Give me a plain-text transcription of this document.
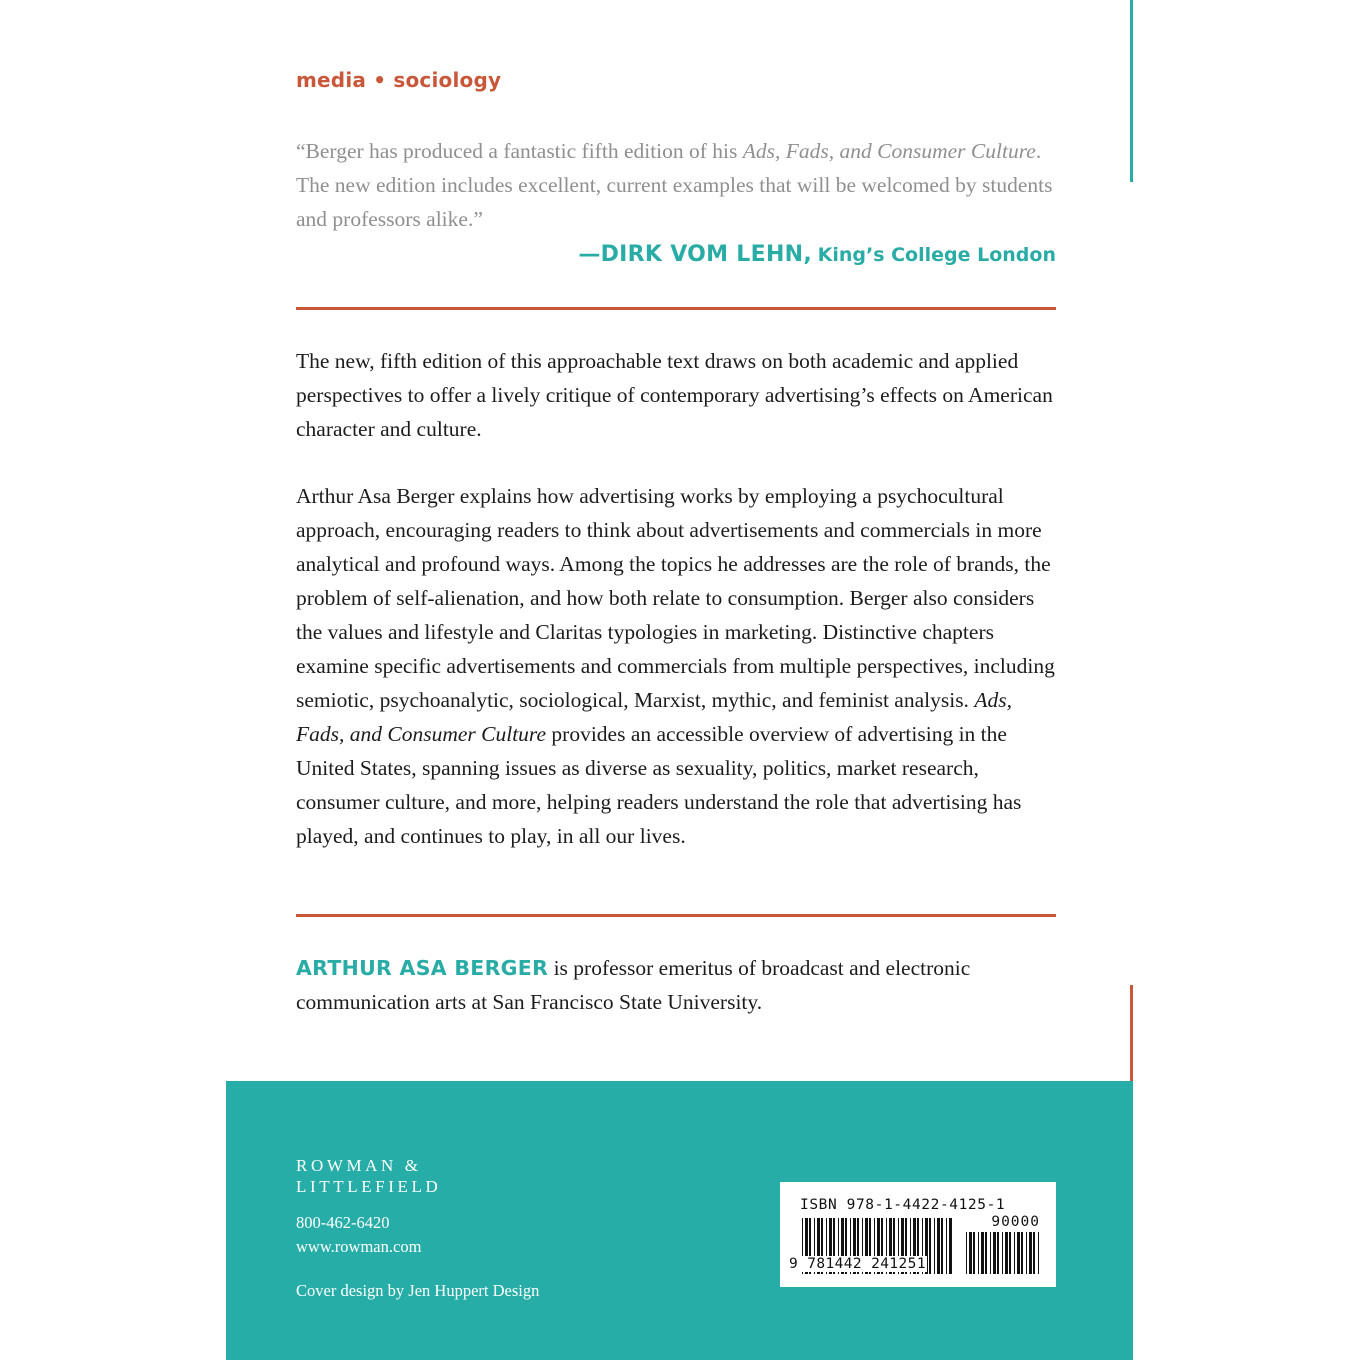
media • sociology
“Berger has produced a fantastic fifth edition of his Ads, Fads, and Consumer Culture. The new edition includes excellent, current examples that will be welcomed by students and professors alike.”
—DIRK VOM LEHN, King’s College London
The new, fifth edition of this approachable text draws on both academic and applied perspectives to offer a lively critique of contemporary advertising’s effects on American character and culture.
Arthur Asa Berger explains how advertising works by employing a psychocultural approach, encouraging readers to think about advertisements and commercials in more analytical and profound ways. Among the topics he addresses are the role of brands, the problem of self-alienation, and how both relate to consumption. Berger also considers the values and lifestyle and Claritas typologies in marketing. Distinctive chapters examine specific advertisements and commercials from multiple perspectives, including semiotic, psychoanalytic, sociological, Marxist, mythic, and feminist analysis. Ads, Fads, and Consumer Culture provides an accessible overview of advertising in the United States, spanning issues as diverse as sexuality, politics, market research, consumer culture, and more, helping readers understand the role that advertising has played, and continues to play, in all our lives.
ARTHUR ASA BERGER is professor emeritus of broadcast and electronic communication arts at San Francisco State University.
ROWMAN &
LITTLEFIELD
800-462-6420
www.rowman.com
Cover design by Jen Huppert Design
ISBN 978-1-4422-4125-1
90000
9 781442 241251
